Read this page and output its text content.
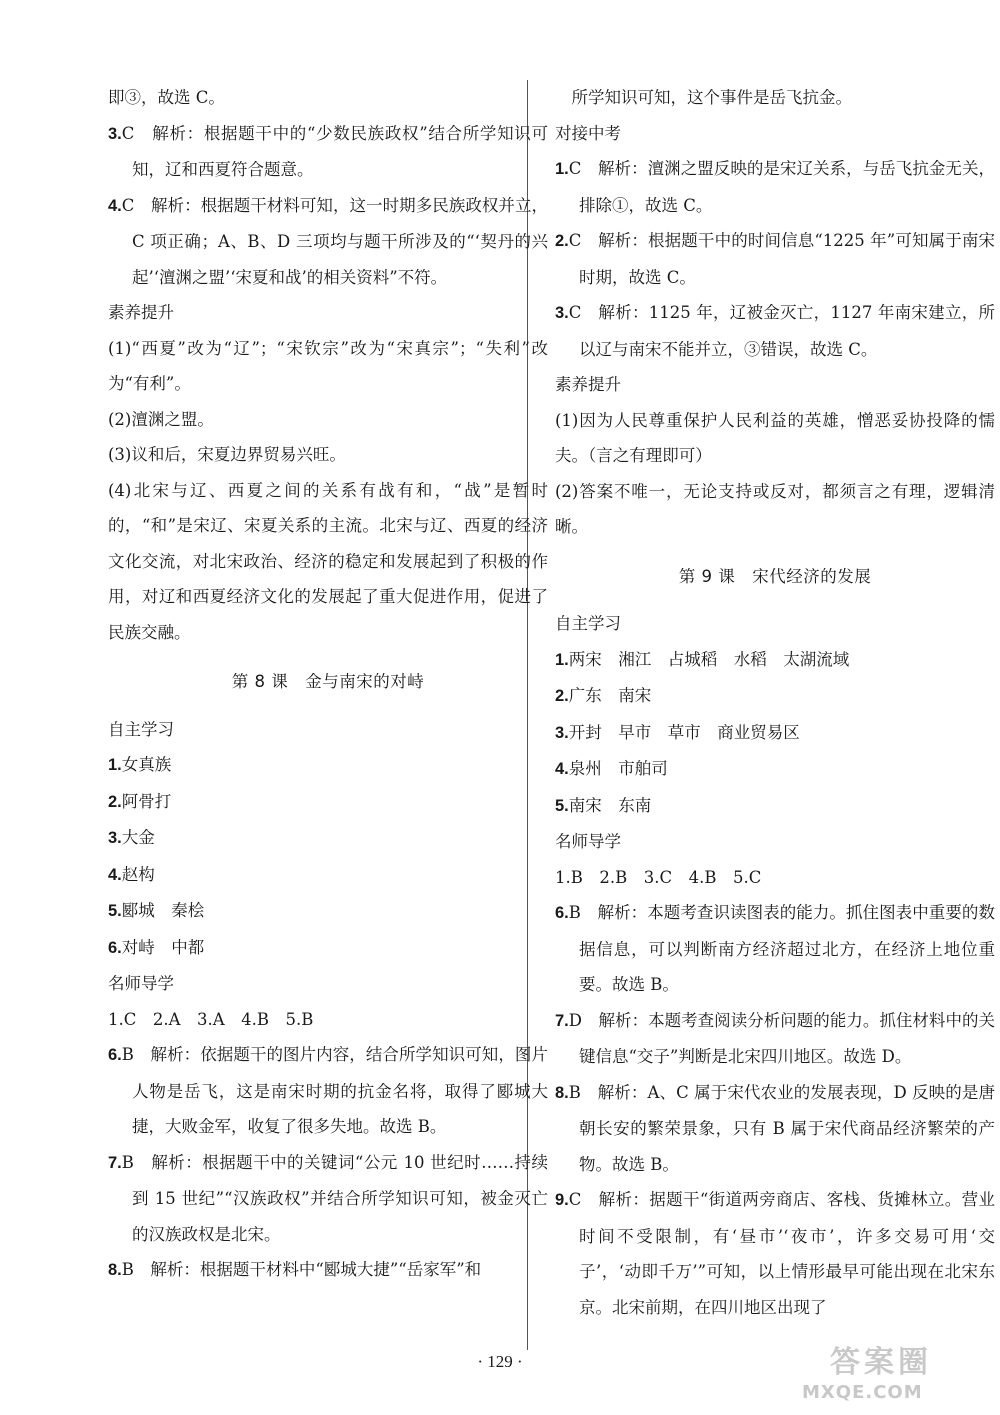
即③，故选 C。
3.C　解析：根据题干中的“少数民族政权”结合所学知识可知，辽和西夏符合题意。
4.C　解析：根据题干材料可知，这一时期多民族政权并立，C 项正确；A、B、D 三项均与题干所涉及的“‘契丹的兴起’‘澶渊之盟’‘宋夏和战’的相关资料”不符。
素养提升
(1)“西夏”改为“辽”；“宋钦宗”改为“宋真宗”；“失利”改为“有利”。
(2)澶渊之盟。
(3)议和后，宋夏边界贸易兴旺。
(4)北宋与辽、西夏之间的关系有战有和，“战”是暂时的，“和”是宋辽、宋夏关系的主流。北宋与辽、西夏的经济文化交流，对北宋政治、经济的稳定和发展起到了积极的作用，对辽和西夏经济文化的发展起了重大促进作用，促进了民族交融。
第 8 课　金与南宋的对峙
自主学习
1.女真族
2.阿骨打
3.大金
4.赵构
5.郾城　秦桧
6.对峙　中都
名师导学
1.C　2.A　3.A　4.B　5.B
6.B　解析：依据题干的图片内容，结合所学知识可知，图片人物是岳飞，这是南宋时期的抗金名将，取得了郾城大捷，大败金军，收复了很多失地。故选 B。
7.B　解析：根据题干中的关键词“公元 10 世纪时……持续到 15 世纪”“汉族政权”并结合所学知识可知，被金灭亡的汉族政权是北宋。
8.B　解析：根据题干材料中“郾城大捷”“岳家军”和
　所学知识可知，这个事件是岳飞抗金。
对接中考
1.C　解析：澶渊之盟反映的是宋辽关系，与岳飞抗金无关，排除①，故选 C。
2.C　解析：根据题干中的时间信息“1225 年”可知属于南宋时期，故选 C。
3.C　解析：1125 年，辽被金灭亡，1127 年南宋建立，所以辽与南宋不能并立，③错误，故选 C。
素养提升
(1)因为人民尊重保护人民利益的英雄，憎恶妥协投降的懦夫。（言之有理即可）
(2)答案不唯一，无论支持或反对，都须言之有理，逻辑清晰。
第 9 课　宋代经济的发展
自主学习
1.两宋　湘江　占城稻　水稻　太湖流域
2.广东　南宋
3.开封　早市　草市　商业贸易区
4.泉州　市舶司
5.南宋　东南
名师导学
1.B　2.B　3.C　4.B　5.C
6.B　解析：本题考查识读图表的能力。抓住图表中重要的数据信息，可以判断南方经济超过北方，在经济上地位重要。故选 B。
7.D　解析：本题考查阅读分析问题的能力。抓住材料中的关键信息“交子”判断是北宋四川地区。故选 D。
8.B　解析：A、C 属于宋代农业的发展表现，D 反映的是唐朝长安的繁荣景象，只有 B 属于宋代商品经济繁荣的产物。故选 B。
9.C　解析：据题干“街道两旁商店、客栈、货摊林立。营业时间不受限制，有‘昼市’‘夜市’，许多交易可用‘交子’，‘动即千万’”可知，以上情形最早可能出现在北宋东京。北宋前期，在四川地区出现了
· 129 ·	答案圈
MXQE.COM
